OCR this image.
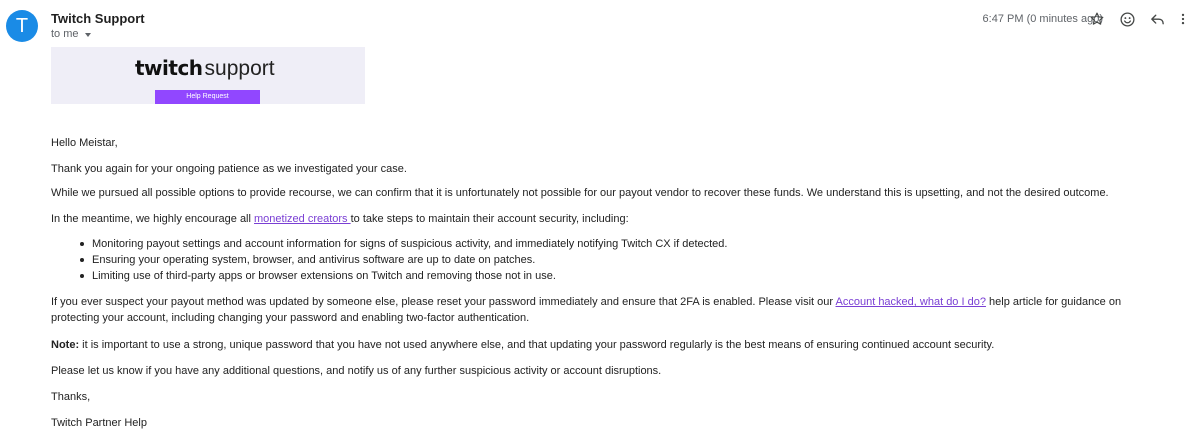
T	Twitch Support
to me
6:47 PM (0 minutes ago)
twitchsupport
Help Request
Hello Meistar,
Thank you again for your ongoing patience as we investigated your case.
While we pursued all possible options to provide recourse, we can confirm that it is unfortunately not possible for our payout vendor to recover these funds. We understand this is upsetting, and not the desired outcome.
In the meantime, we highly encourage all monetized creators to take steps to maintain their account security, including:
Monitoring payout settings and account information for signs of suspicious activity, and immediately notifying Twitch CX if detected.
Ensuring your operating system, browser, and antivirus software are up to date on patches.
Limiting use of third-party apps or browser extensions on Twitch and removing those not in use.
If you ever suspect your payout method was updated by someone else, please reset your password immediately and ensure that 2FA is enabled. Please visit our Account hacked, what do I do? help article for guidance on protecting your account, including changing your password and enabling two-factor authentication.
Note: it is important to use a strong, unique password that you have not used anywhere else, and that updating your password regularly is the best means of ensuring continued account security.
Please let us know if you have any additional questions, and notify us of any further suspicious activity or account disruptions.
Thanks,
Twitch Partner Help
